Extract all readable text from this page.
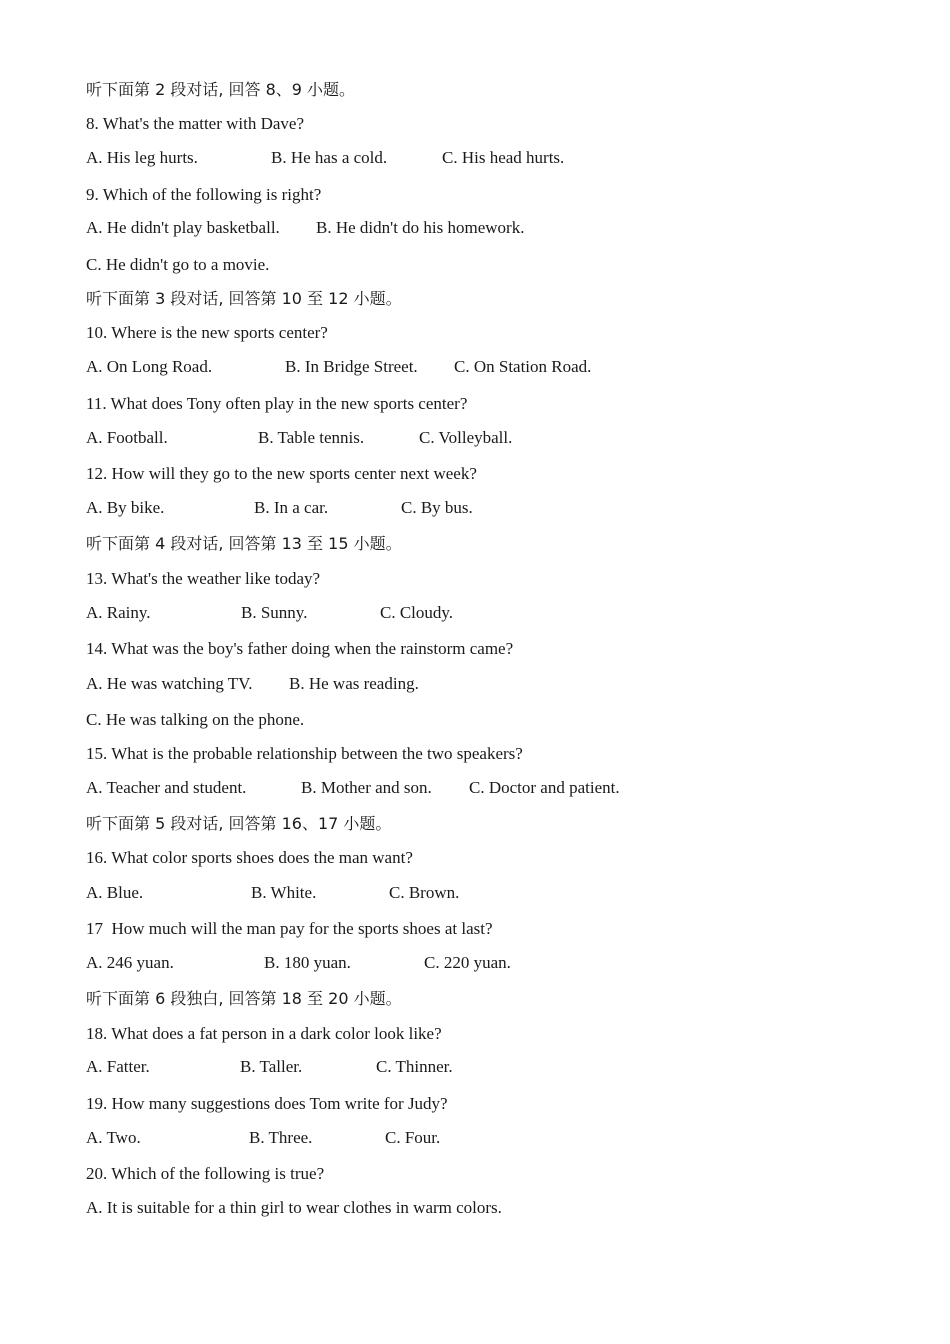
听下面第 2 段对话, 回答 8、9 小题。
8. What's the matter with Dave?
A. His leg hurts.	B. He has a cold.	C. His head hurts.
9. Which of the following is right?
A. He didn't play basketball. B. He didn't do his homework.
C. He didn't go to a movie.
听下面第 3 段对话, 回答第 10 至 12 小题。
10. Where is the new sports center?
A. On Long Road.	B. In Bridge Street. C. On Station Road.
11. What does Tony often play in the new sports center?
A. Football.	B. Table tennis.	C. Volleyball.
12. How will they go to the new sports center next week?
A. By bike.	B. In a car.	C. By bus.
听下面第 4 段对话, 回答第 13 至 15 小题。
13. What's the weather like today?
A. Rainy.	B. Sunny.	C. Cloudy.
14. What was the boy's father doing when the rainstorm came?
A. He was watching TV. B. He was reading.
C. He was talking on the phone.
15. What is the probable relationship between the two speakers?
A. Teacher and student.	B. Mother and son. C. Doctor and patient.
听下面第 5 段对话, 回答第 16、17 小题。
16. What color sports shoes does the man want?
A. Blue.	B. White.	C. Brown.
17  How much will the man pay for the sports shoes at last?
A. 246 yuan.	B. 180 yuan.	C. 220 yuan.
听下面第 6 段独白, 回答第 18 至 20 小题。
18. What does a fat person in a dark color look like?
A. Fatter.	B. Taller.	C. Thinner.
19. How many suggestions does Tom write for Judy?
A. Two.	B. Three.	C. Four.
20. Which of the following is true?
A. It is suitable for a thin girl to wear clothes in warm colors.
